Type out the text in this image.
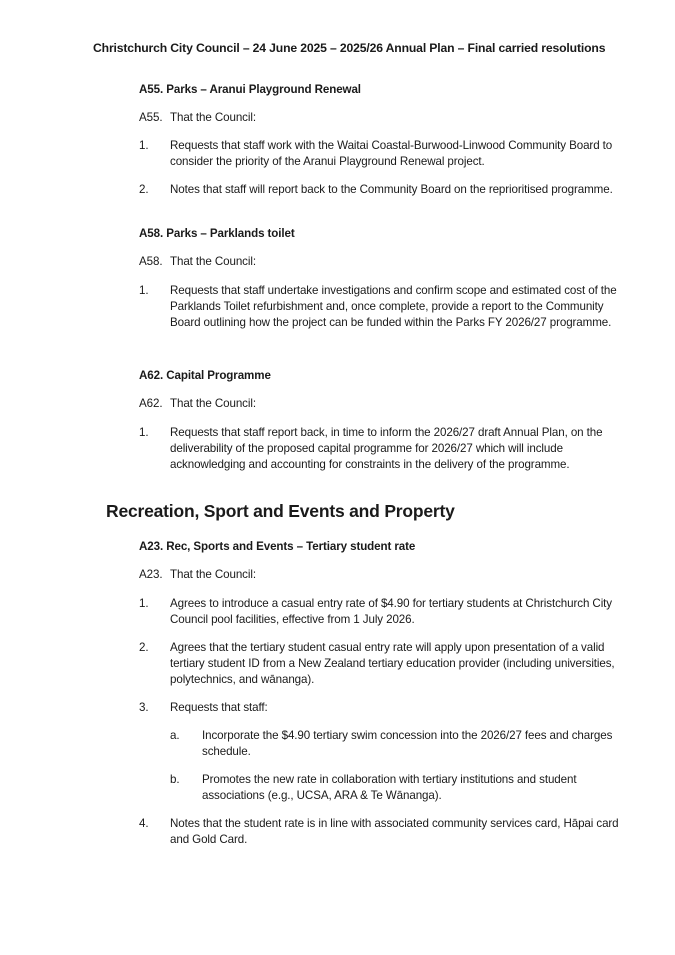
Christchurch City Council – 24 June 2025 – 2025/26 Annual Plan – Final carried resolutions
A55. Parks – Aranui Playground Renewal
A55. That the Council:
1. Requests that staff work with the Waitai Coastal-Burwood-Linwood Community Board to consider the priority of the Aranui Playground Renewal project.
2. Notes that staff will report back to the Community Board on the reprioritised programme.
A58. Parks – Parklands toilet
A58. That the Council:
1. Requests that staff undertake investigations and confirm scope and estimated cost of the Parklands Toilet refurbishment and, once complete, provide a report to the Community Board outlining how the project can be funded within the Parks FY 2026/27 programme.
A62. Capital Programme
A62. That the Council:
1. Requests that staff report back, in time to inform the 2026/27 draft Annual Plan, on the deliverability of the proposed capital programme for 2026/27 which will include acknowledging and accounting for constraints in the delivery of the programme.
Recreation, Sport and Events and Property
A23. Rec, Sports and Events – Tertiary student rate
A23. That the Council:
1. Agrees to introduce a casual entry rate of $4.90 for tertiary students at Christchurch City Council pool facilities, effective from 1 July 2026.
2. Agrees that the tertiary student casual entry rate will apply upon presentation of a valid tertiary student ID from a New Zealand tertiary education provider (including universities, polytechnics, and wānanga).
3. Requests that staff:
a. Incorporate the $4.90 tertiary swim concession into the 2026/27 fees and charges schedule.
b. Promotes the new rate in collaboration with tertiary institutions and student associations (e.g., UCSA, ARA & Te Wānanga).
4. Notes that the student rate is in line with associated community services card, Hāpai card and Gold Card.
